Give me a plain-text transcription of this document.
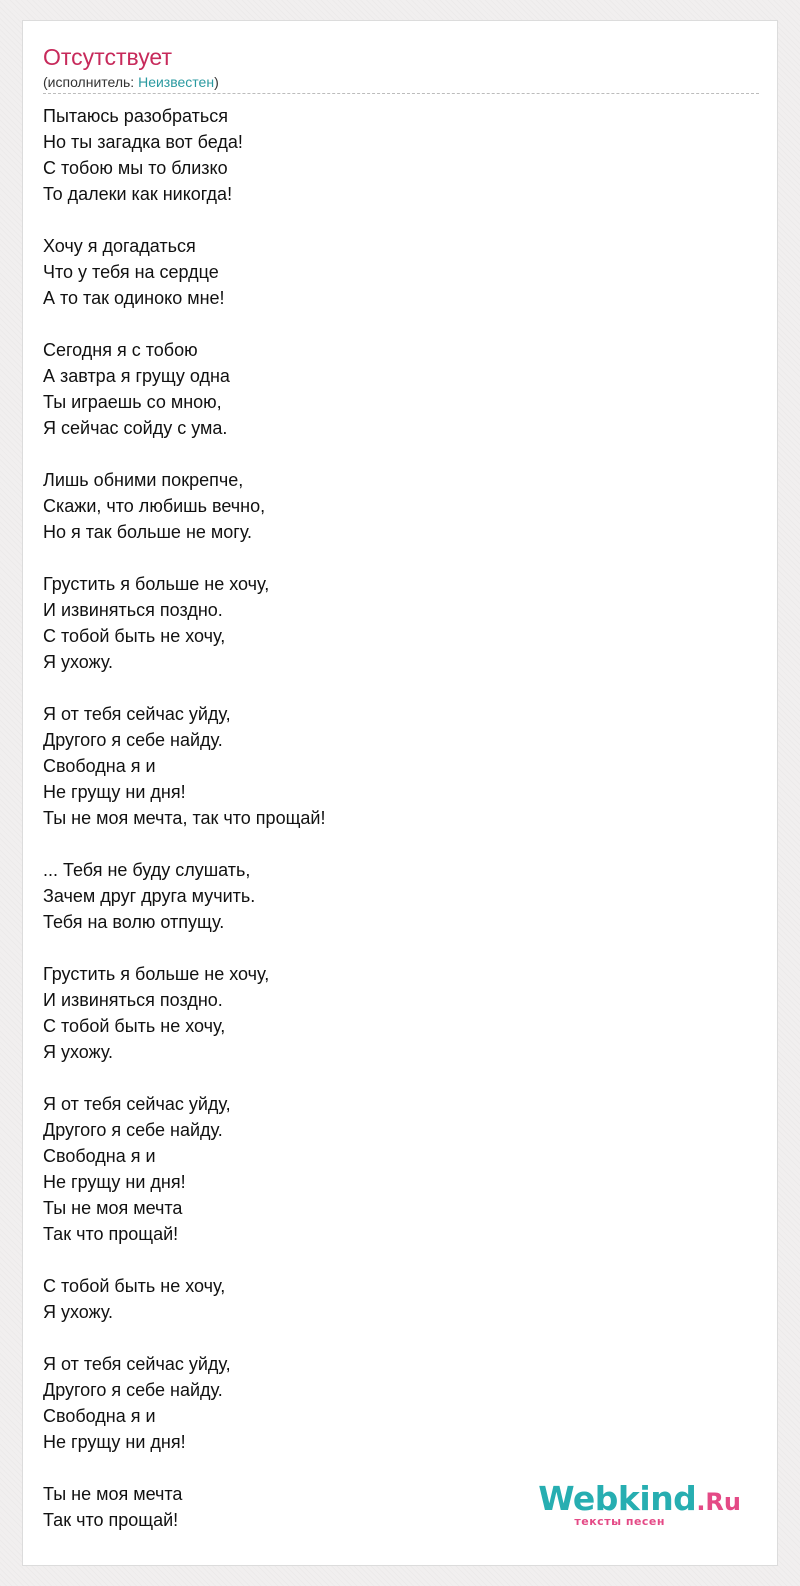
Отсутствует
(исполнитель: Неизвестен)
Пытаюсь разобраться
Но ты загадка вот беда!
С тобою мы то близко
То далеки как никогда!
Хочу я догадаться
Что у тебя на сердце
А то так одиноко мне!
Сегодня я с тобою
А завтра я грущу одна
Ты играешь со мною,
Я сейчас сойду с ума.
Лишь обними покрепче,
Скажи, что любишь вечно,
Но я так больше не могу.
Грустить я больше не хочу,
И извиняться поздно.
С тобой быть не хочу,
Я ухожу.
Я от тебя сейчас уйду,
Другого я себе найду.
Свободна я и
Не грущу ни дня!
Ты не моя мечта, так что прощай!
... Тебя не буду слушать,
Зачем друг друга мучить.
Тебя на волю отпущу.
Грустить я больше не хочу,
И извиняться поздно.
С тобой быть не хочу,
Я ухожу.
Я от тебя сейчас уйду,
Другого я себе найду.
Свободна я и
Не грущу ни дня!
Ты не моя мечта
Так что прощай!
С тобой быть не хочу,
Я ухожу.
Я от тебя сейчас уйду,
Другого я себе найду.
Свободна я и
Не грущу ни дня!
Ты не моя мечта
Так что прощай!
Webkind.Ru
тексты песен
